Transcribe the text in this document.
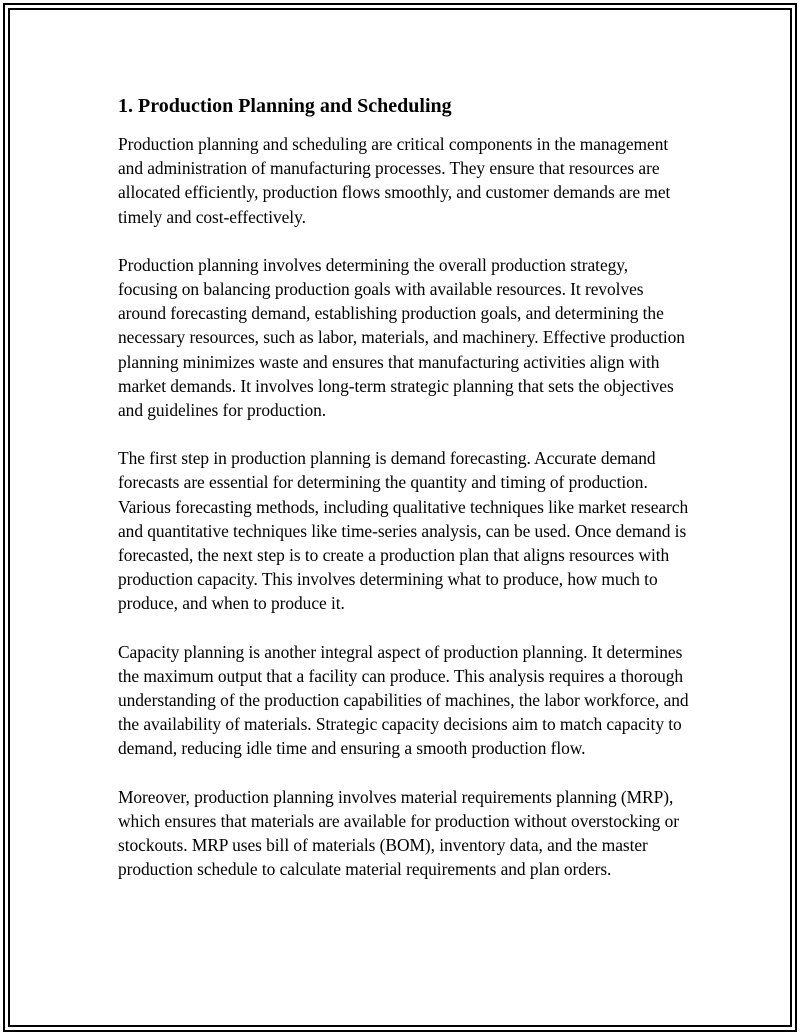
1. Production Planning and Scheduling

Production planning and scheduling are critical components in the management and administration of manufacturing processes. They ensure that resources are allocated efficiently, production flows smoothly, and customer demands are met timely and cost-effectively.

Production planning involves determining the overall production strategy, focusing on balancing production goals with available resources. It revolves around forecasting demand, establishing production goals, and determining the necessary resources, such as labor, materials, and machinery. Effective production planning minimizes waste and ensures that manufacturing activities align with market demands. It involves long-term strategic planning that sets the objectives and guidelines for production.

The first step in production planning is demand forecasting. Accurate demand forecasts are essential for determining the quantity and timing of production. Various forecasting methods, including qualitative techniques like market research and quantitative techniques like time-series analysis, can be used. Once demand is forecasted, the next step is to create a production plan that aligns resources with production capacity. This involves determining what to produce, how much to produce, and when to produce it.

Capacity planning is another integral aspect of production planning. It determines the maximum output that a facility can produce. This analysis requires a thorough understanding of the production capabilities of machines, the labor workforce, and the availability of materials. Strategic capacity decisions aim to match capacity to demand, reducing idle time and ensuring a smooth production flow.

Moreover, production planning involves material requirements planning (MRP), which ensures that materials are available for production without overstocking or stockouts. MRP uses bill of materials (BOM), inventory data, and the master production schedule to calculate material requirements and plan orders.
